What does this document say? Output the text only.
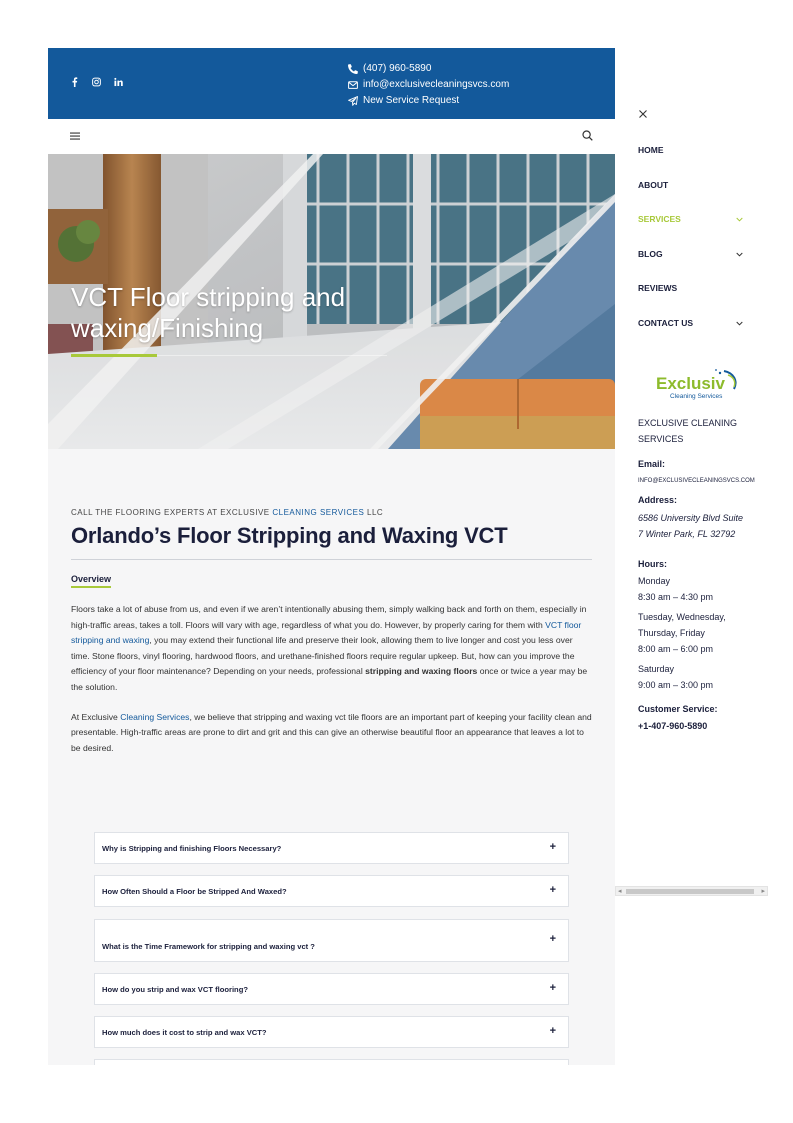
(407) 960-5890
info@exclusivecleaningsvcs.com
New Service Request
VCT Floor stripping and waxing/Finishing
CALL THE FLOORING EXPERTS AT EXCLUSIVE CLEANING SERVICES LLC
Orlando’s Floor Stripping and Waxing VCT
Overview

Floors take a lot of abuse from us, and even if we aren’t intentionally abusing them, simply walking back and forth on them, especially in high-traffic areas, takes a toll. Floors will vary with age, regardless of what you do. However, by properly caring for them with VCT floor stripping and waxing, you may extend their functional life and preserve their look, allowing them to live longer and cost you less over time. Stone floors, vinyl flooring, hardwood floors, and urethane-finished floors require regular upkeep. But, how can you improve the efficiency of your floor maintenance? Depending on your needs, professional stripping and waxing floors once or twice a year may be the solution.

At Exclusive Cleaning Services, we believe that stripping and waxing vct tile floors are an important part of keeping your facility clean and presentable. High-traffic areas are prone to dirt and grit and this can give an otherwise beautiful floor an appearance that leaves a lot to be desired.

Why is Stripping and finishing Floors Necessary?	+
How Often Should a Floor be Stripped And Waxed?	+
What is the Time Framework for stripping and waxing vct ?
+
How do you strip and wax VCT flooring?	+
How much does it cost to strip and wax VCT?	+
HOME
ABOUT
SERVICES
BLOG
REVIEWS
CONTACT US
Exclusiv
Cleaning Services
EXCLUSIVE CLEANING SERVICES
Email:
INFO@EXCLUSIVECLEANINGSVCS.COM
Address:
6586 University Blvd Suite
7 Winter Park, FL 32792
Hours:
Monday
8:30 am – 4:30 pm
Tuesday, Wednesday,
Thursday, Friday
8:00 am – 6:00 pm
Saturday
9:00 am – 3:00 pm
Customer Service:
+1-407-960-5890
◂	▸
